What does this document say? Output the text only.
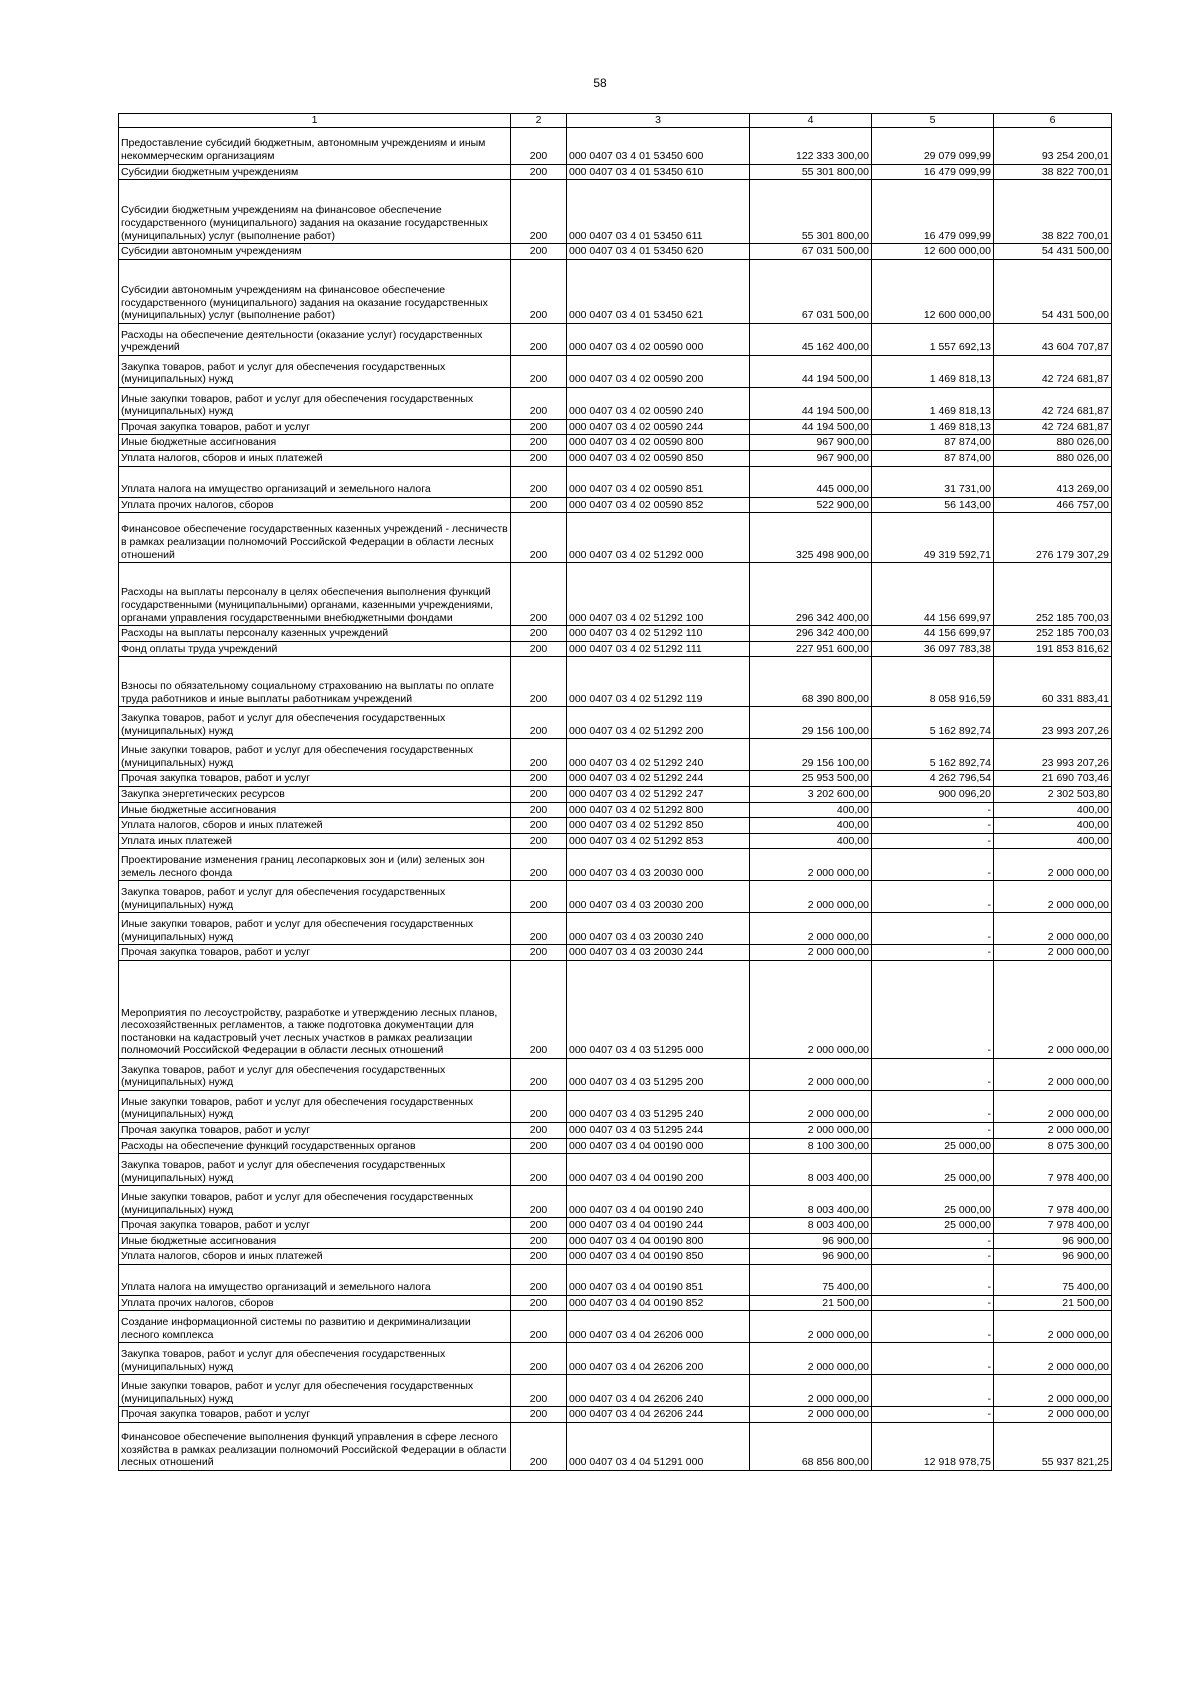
58
1	2	3	4	5	6
Предоставление субсидий бюджетным, автономным учреждениям и иным некоммерческим организациям	200	000 0407 03 4 01 53450 600	122 333 300,00	29 079 099,99	93 254 200,01
Субсидии бюджетным учреждениям	200	000 0407 03 4 01 53450 610	55 301 800,00	16 479 099,99	38 822 700,01
Субсидии бюджетным учреждениям на финансовое обеспечение государственного (муниципального) задания на оказание государственных (муниципальных) услуг (выполнение работ)	200	000 0407 03 4 01 53450 611	55 301 800,00	16 479 099,99	38 822 700,01
Субсидии автономным учреждениям	200	000 0407 03 4 01 53450 620	67 031 500,00	12 600 000,00	54 431 500,00
Субсидии автономным учреждениям на финансовое обеспечение государственного (муниципального) задания на оказание государственных (муниципальных) услуг (выполнение работ)	200	000 0407 03 4 01 53450 621	67 031 500,00	12 600 000,00	54 431 500,00
Расходы на обеспечение деятельности (оказание услуг) государственных учреждений	200	000 0407 03 4 02 00590 000	45 162 400,00	1 557 692,13	43 604 707,87
Закупка товаров, работ и услуг для обеспечения государственных (муниципальных) нужд	200	000 0407 03 4 02 00590 200	44 194 500,00	1 469 818,13	42 724 681,87
Иные закупки товаров, работ и услуг для обеспечения государственных (муниципальных) нужд	200	000 0407 03 4 02 00590 240	44 194 500,00	1 469 818,13	42 724 681,87
Прочая закупка товаров, работ и услуг	200	000 0407 03 4 02 00590 244	44 194 500,00	1 469 818,13	42 724 681,87
Иные бюджетные ассигнования	200	000 0407 03 4 02 00590 800	967 900,00	87 874,00	880 026,00
Уплата налогов, сборов и иных платежей	200	000 0407 03 4 02 00590 850	967 900,00	87 874,00	880 026,00
Уплата налога на имущество организаций и земельного налога	200	000 0407 03 4 02 00590 851	445 000,00	31 731,00	413 269,00
Уплата прочих налогов, сборов	200	000 0407 03 4 02 00590 852	522 900,00	56 143,00	466 757,00
Финансовое обеспечение государственных казенных учреждений - лесничеств в рамках реализации полномочий Российской Федерации в области лесных отношений	200	000 0407 03 4 02 51292 000	325 498 900,00	49 319 592,71	276 179 307,29
Расходы на выплаты персоналу в целях обеспечения выполнения функций государственными (муниципальными) органами, казенными учреждениями, органами управления государственными внебюджетными фондами	200	000 0407 03 4 02 51292 100	296 342 400,00	44 156 699,97	252 185 700,03
Расходы на выплаты персоналу казенных учреждений	200	000 0407 03 4 02 51292 110	296 342 400,00	44 156 699,97	252 185 700,03
Фонд оплаты труда учреждений	200	000 0407 03 4 02 51292 111	227 951 600,00	36 097 783,38	191 853 816,62
Взносы по обязательному социальному страхованию на выплаты по оплате труда работников и иные выплаты работникам учреждений	200	000 0407 03 4 02 51292 119	68 390 800,00	8 058 916,59	60 331 883,41
Закупка товаров, работ и услуг для обеспечения государственных (муниципальных) нужд	200	000 0407 03 4 02 51292 200	29 156 100,00	5 162 892,74	23 993 207,26
Иные закупки товаров, работ и услуг для обеспечения государственных (муниципальных) нужд	200	000 0407 03 4 02 51292 240	29 156 100,00	5 162 892,74	23 993 207,26
Прочая закупка товаров, работ и услуг	200	000 0407 03 4 02 51292 244	25 953 500,00	4 262 796,54	21 690 703,46
Закупка энергетических ресурсов	200	000 0407 03 4 02 51292 247	3 202 600,00	900 096,20	2 302 503,80
Иные бюджетные ассигнования	200	000 0407 03 4 02 51292 800	400,00	-	400,00
Уплата налогов, сборов и иных платежей	200	000 0407 03 4 02 51292 850	400,00	-	400,00
Уплата иных платежей	200	000 0407 03 4 02 51292 853	400,00	-	400,00
Проектирование изменения границ лесопарковых зон и (или) зеленых зон земель лесного фонда	200	000 0407 03 4 03 20030 000	2 000 000,00	-	2 000 000,00
Закупка товаров, работ и услуг для обеспечения государственных (муниципальных) нужд	200	000 0407 03 4 03 20030 200	2 000 000,00	-	2 000 000,00
Иные закупки товаров, работ и услуг для обеспечения государственных (муниципальных) нужд	200	000 0407 03 4 03 20030 240	2 000 000,00	-	2 000 000,00
Прочая закупка товаров, работ и услуг	200	000 0407 03 4 03 20030 244	2 000 000,00	-	2 000 000,00
Мероприятия по лесоустройству, разработке и утверждению лесных планов, лесохозяйственных регламентов, а также подготовка документации для постановки на кадастровый учет лесных участков в рамках реализации полномочий Российской Федерации в области лесных отношений	200	000 0407 03 4 03 51295 000	2 000 000,00	-	2 000 000,00
Закупка товаров, работ и услуг для обеспечения государственных (муниципальных) нужд	200	000 0407 03 4 03 51295 200	2 000 000,00	-	2 000 000,00
Иные закупки товаров, работ и услуг для обеспечения государственных (муниципальных) нужд	200	000 0407 03 4 03 51295 240	2 000 000,00	-	2 000 000,00
Прочая закупка товаров, работ и услуг	200	000 0407 03 4 03 51295 244	2 000 000,00	-	2 000 000,00
Расходы на обеспечение функций государственных органов	200	000 0407 03 4 04 00190 000	8 100 300,00	25 000,00	8 075 300,00
Закупка товаров, работ и услуг для обеспечения государственных (муниципальных) нужд	200	000 0407 03 4 04 00190 200	8 003 400,00	25 000,00	7 978 400,00
Иные закупки товаров, работ и услуг для обеспечения государственных (муниципальных) нужд	200	000 0407 03 4 04 00190 240	8 003 400,00	25 000,00	7 978 400,00
Прочая закупка товаров, работ и услуг	200	000 0407 03 4 04 00190 244	8 003 400,00	25 000,00	7 978 400,00
Иные бюджетные ассигнования	200	000 0407 03 4 04 00190 800	96 900,00	-	96 900,00
Уплата налогов, сборов и иных платежей	200	000 0407 03 4 04 00190 850	96 900,00	-	96 900,00
Уплата налога на имущество организаций и земельного налога	200	000 0407 03 4 04 00190 851	75 400,00	-	75 400,00
Уплата прочих налогов, сборов	200	000 0407 03 4 04 00190 852	21 500,00	-	21 500,00
Создание информационной системы по развитию и декриминализации лесного комплекса	200	000 0407 03 4 04 26206 000	2 000 000,00	-	2 000 000,00
Закупка товаров, работ и услуг для обеспечения государственных (муниципальных) нужд	200	000 0407 03 4 04 26206 200	2 000 000,00	-	2 000 000,00
Иные закупки товаров, работ и услуг для обеспечения государственных (муниципальных) нужд	200	000 0407 03 4 04 26206 240	2 000 000,00	-	2 000 000,00
Прочая закупка товаров, работ и услуг	200	000 0407 03 4 04 26206 244	2 000 000,00	-	2 000 000,00
Финансовое обеспечение выполнения функций управления в сфере лесного хозяйства в рамках реализации полномочий Российской Федерации в области лесных отношений	200	000 0407 03 4 04 51291 000	68 856 800,00	12 918 978,75	55 937 821,25
